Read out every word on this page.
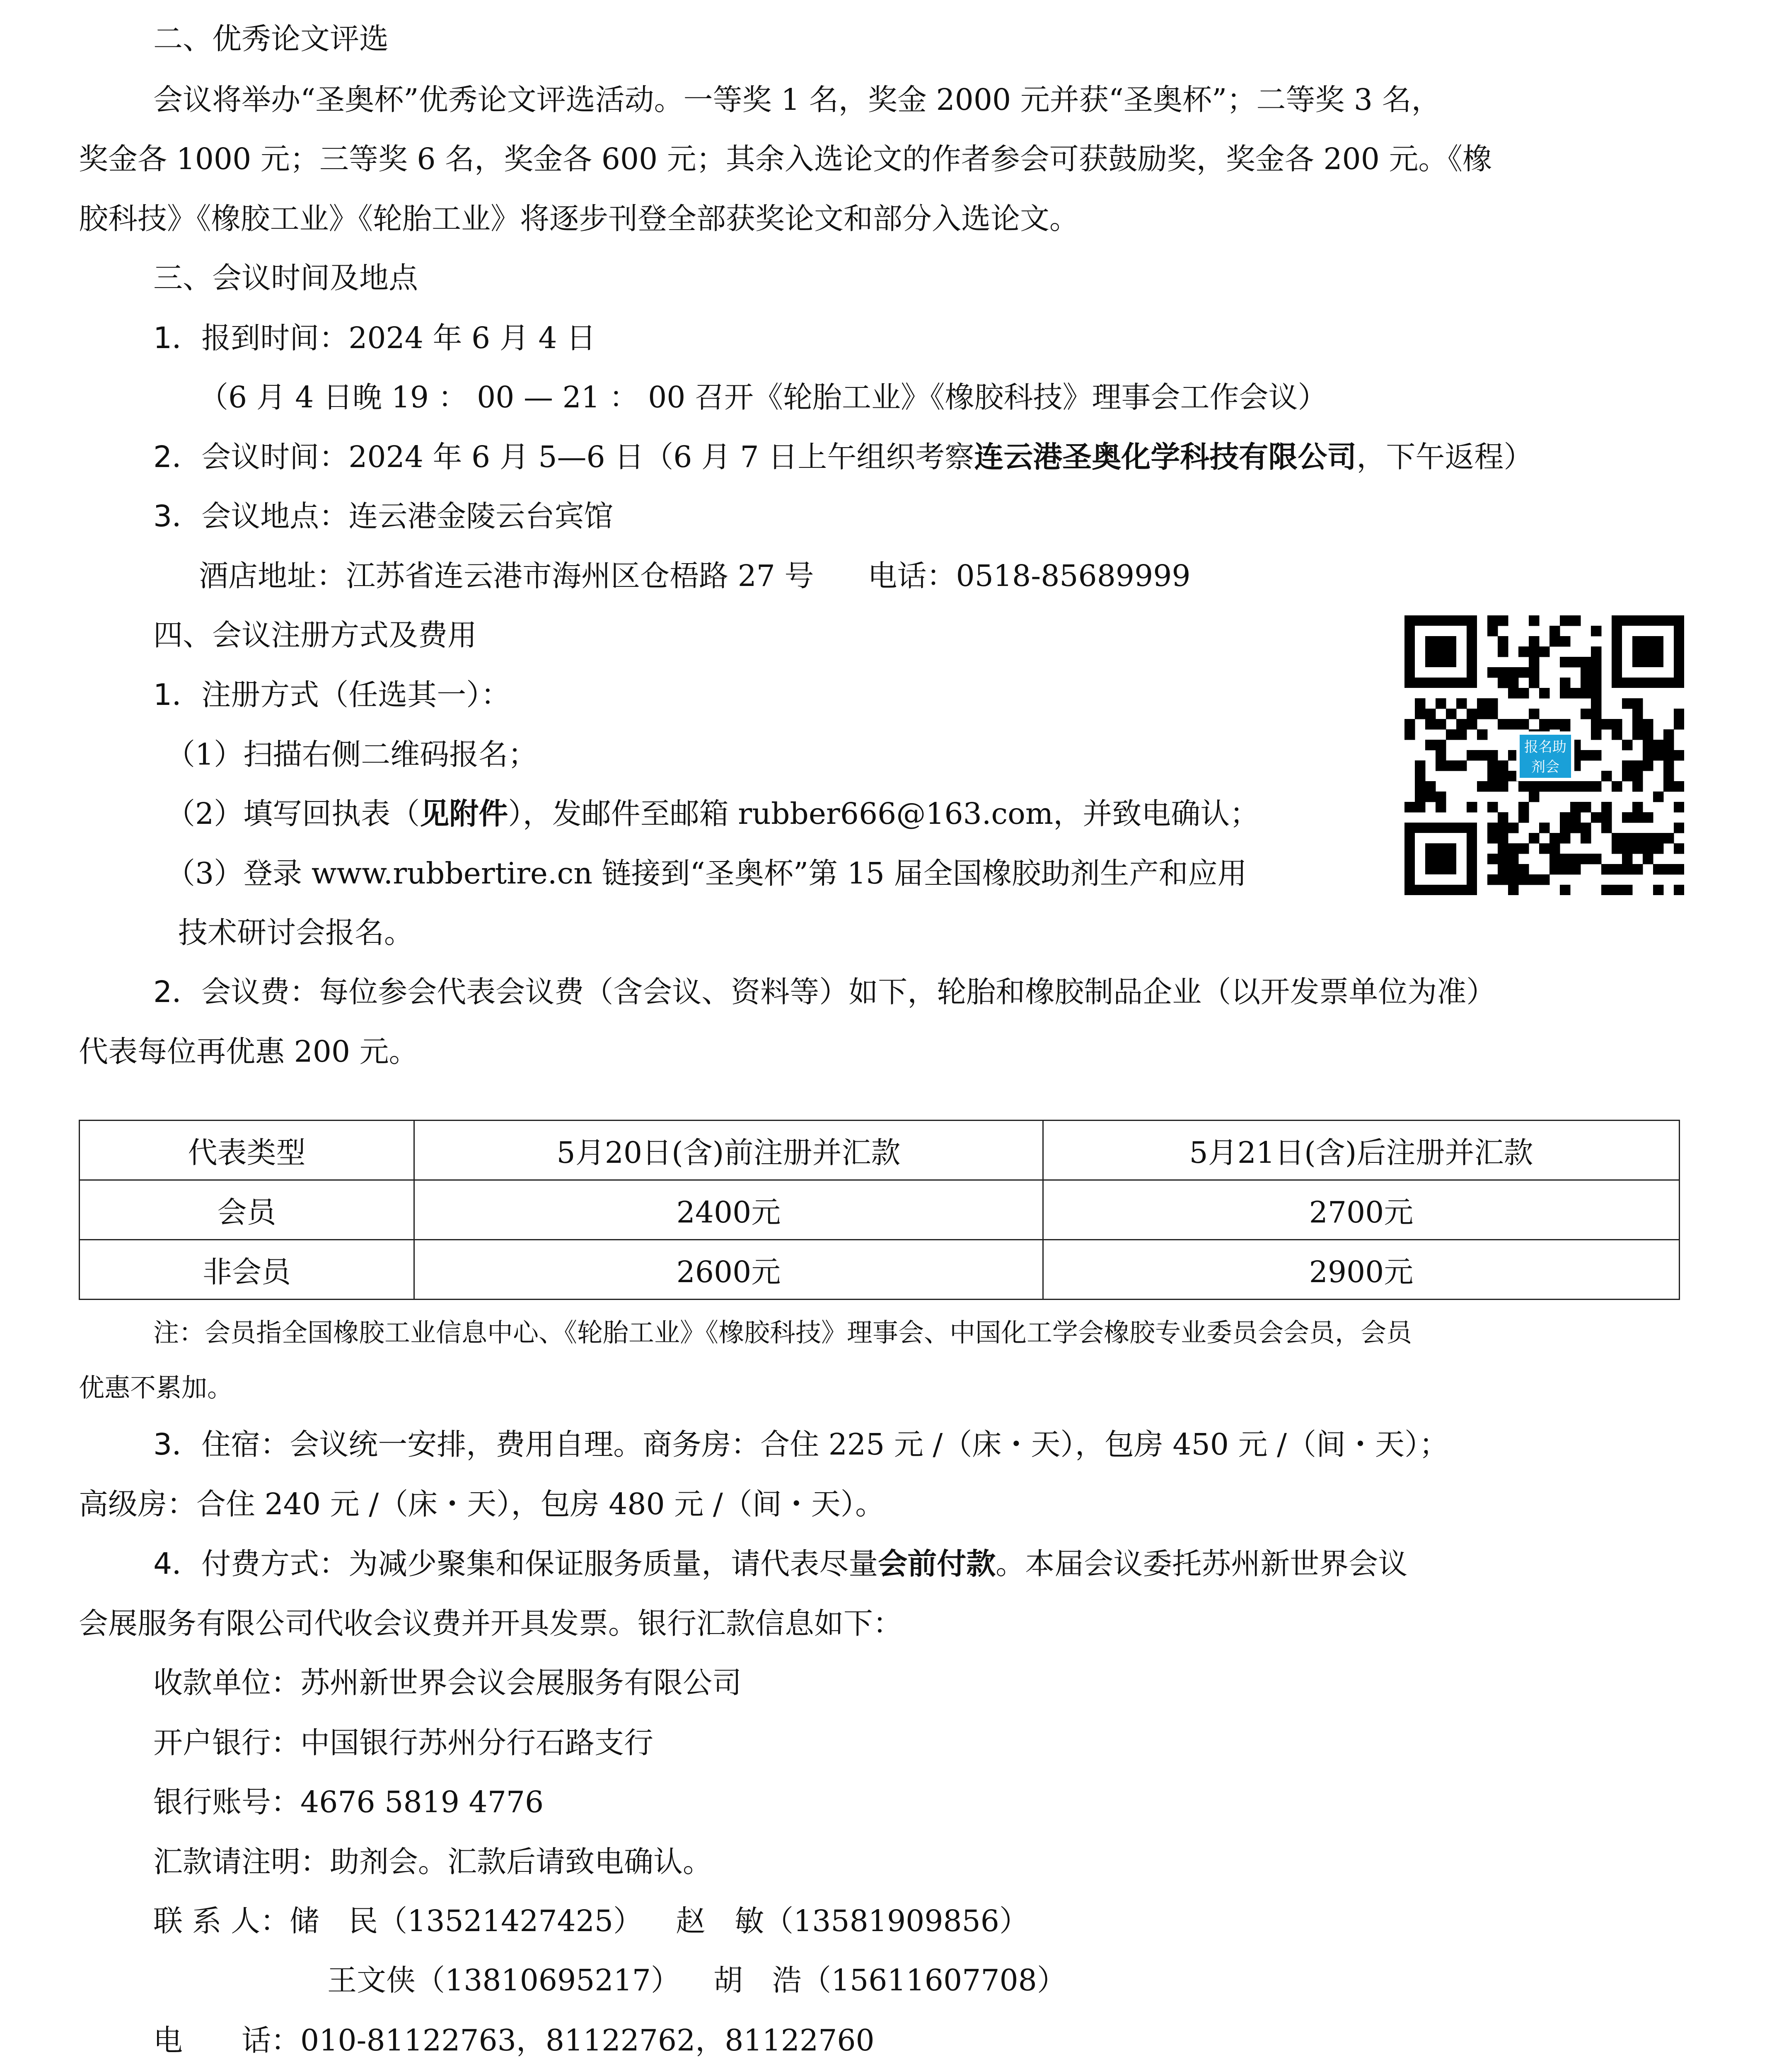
二、优秀论文评选
会议将举办“圣奥杯”优秀论文评选活动。一等奖 1 名，奖金 2000 元并获“圣奥杯”；二等奖 3 名，
奖金各 1000 元；三等奖 6 名，奖金各 600 元；其余入选论文的作者参会可获鼓励奖，奖金各 200 元。《橡
胶科技》《橡胶工业》《轮胎工业》将逐步刊登全部获奖论文和部分入选论文。
三、会议时间及地点
1．报到时间：2024 年 6 月 4 日
（6 月 4 日晚 19 ： 00 — 21 ： 00 召开《轮胎工业》《橡胶科技》理事会工作会议）
2．会议时间：2024 年 6 月 5—6 日（6 月 7 日上午组织考察连云港圣奥化学科技有限公司，下午返程）
3．会议地点：连云港金陵云台宾馆
酒店地址：江苏省连云港市海州区仓梧路 27 号 电话：0518-85689999
四、会议注册方式及费用
1．注册方式（任选其一）：
（1）扫描右侧二维码报名；
（2）填写回执表（见附件），发邮件至邮箱 rubber666@163.com，并致电确认；
（3）登录 www.rubbertire.cn 链接到“圣奥杯”第 15 届全国橡胶助剂生产和应用
技术研讨会报名。
报名助剂会
2．会议费：每位参会代表会议费（含会议、资料等）如下，轮胎和橡胶制品企业（以开发票单位为准）
代表每位再优惠 200 元。
代表类型	5月20日(含)前注册并汇款	5月21日(含)后注册并汇款
会员	2400元	2700元
非会员	2600元	2900元
注：会员指全国橡胶工业信息中心、《轮胎工业》《橡胶科技》理事会、中国化工学会橡胶专业委员会会员，会员
优惠不累加。
3．住宿：会议统一安排，费用自理。商务房：合住 225 元 /（床・天），包房 450 元 /（间・天）；
高级房：合住 240 元 /（床・天），包房 480 元 /（间・天）。
4．付费方式：为减少聚集和保证服务质量，请代表尽量会前付款。本届会议委托苏州新世界会议
会展服务有限公司代收会议费并开具发票。银行汇款信息如下：
收款单位：苏州新世界会议会展服务有限公司
开户银行：中国银行苏州分行石路支行
银行账号：4676 5819 4776
汇款请注明：助剂会。汇款后请致电确认。
联 系 人：储　民（13521427425） 赵　敏（13581909856）
王文侠（13810695217） 胡　浩（15611607708）
电　　话：010-81122763，81122762，81122760
